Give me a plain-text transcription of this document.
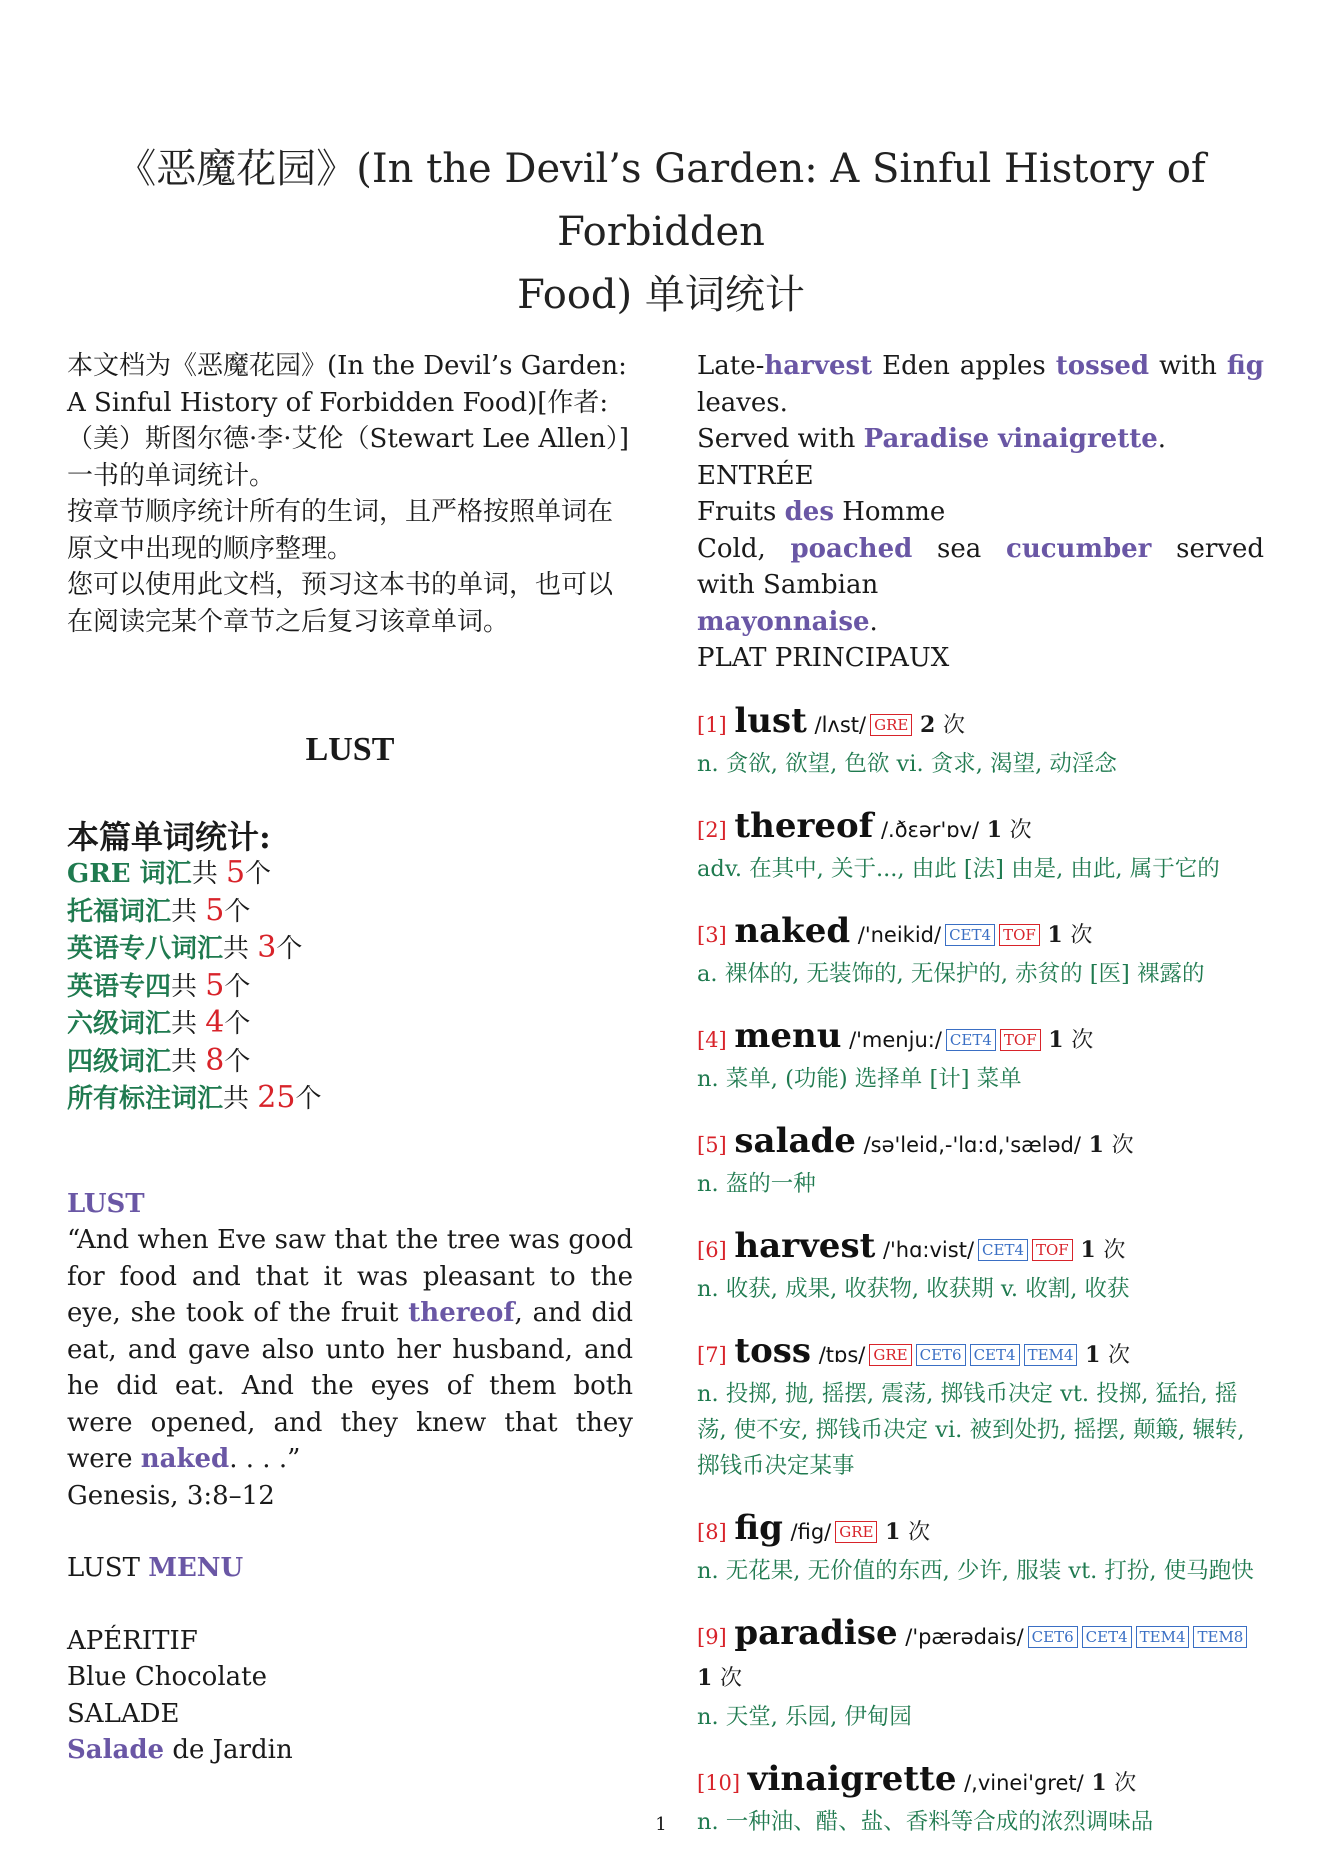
《恶魔花园》(In the Devil’s Garden: A Sinful History of Forbidden
Food) 单词统计

本文档为《恶魔花园》(In the Devil’s Garden: A Sinful History of Forbidden Food)[作者: （美）斯图尔德·李·艾伦（Stewart Lee Allen）] 一书的单词统计。

按章节顺序统计所有的生词，且严格按照单词在原文中出现的顺序整理。

您可以使用此文档，预习这本书的单词，也可以在阅读完某个章节之后复习该章单词。

LUST
本篇单词统计:
GRE 词汇共 5个
托福词汇共 5个
英语专八词汇共 3个
英语专四共 5个
六级词汇共 4个
四级词汇共 8个
所有标注词汇共 25个
LUST

“And when Eve saw that the tree was good for food and that it was pleasant to the eye, she took of the fruit thereof, and did eat, and gave also unto her husband, and he did eat. And the eyes of them both were opened, and they knew that they were naked. . . .”

Genesis, 3:8–12

LUST MENU

APÉRITIF

Blue Chocolate

SALADE

Salade de Jardin

Late-harvest Eden apples tossed with fig leaves.

Served with Paradise vinaigrette.

ENTRÉE

Fruits des Homme

Cold, poached sea cucumber served with Sambian

mayonnaise.

PLAT PRINCIPAUX

[1] lust /lʌst/ GRE 2 次
n. 贪欲, 欲望, 色欲 vi. 贪求, 渴望, 动淫念
[2] thereof /.ðɛər'ɒv/ 1 次
adv. 在其中, 关于..., 由此 [法] 由是, 由此, 属于它的
[3] naked /'neikid/ CET4 TOF 1 次
a. 裸体的, 无装饰的, 无保护的, 赤贫的 [医] 裸露的
[4] menu /'menju:/ CET4 TOF 1 次
n. 菜单, (功能) 选择单 [计] 菜单
[5] salade /sə'leid,-'lɑ:d,'sæləd/ 1 次
n. 盔的一种
[6] harvest /'hɑ:vist/ CET4 TOF 1 次
n. 收获, 成果, 收获物, 收获期 v. 收割, 收获
[7] toss /tɒs/ GRE CET6 CET4 TEM4 1 次
n. 投掷, 抛, 摇摆, 震荡, 掷钱币决定 vt. 投掷, 猛抬, 摇荡, 使不安, 掷钱币决定 vi. 被到处扔, 摇摆, 颠簸, 辗转, 掷钱币决定某事
[8] fig /fig/ GRE 1 次
n. 无花果, 无价值的东西, 少许, 服装 vt. 打扮, 使马跑快
[9] paradise /'pærədais/ CET6 CET4 TEM4 TEM8 1 次
n. 天堂, 乐园, 伊甸园
[10] vinaigrette /,vinei'gret/ 1 次
n. 一种油、醋、盐、香料等合成的浓烈调味品
1
